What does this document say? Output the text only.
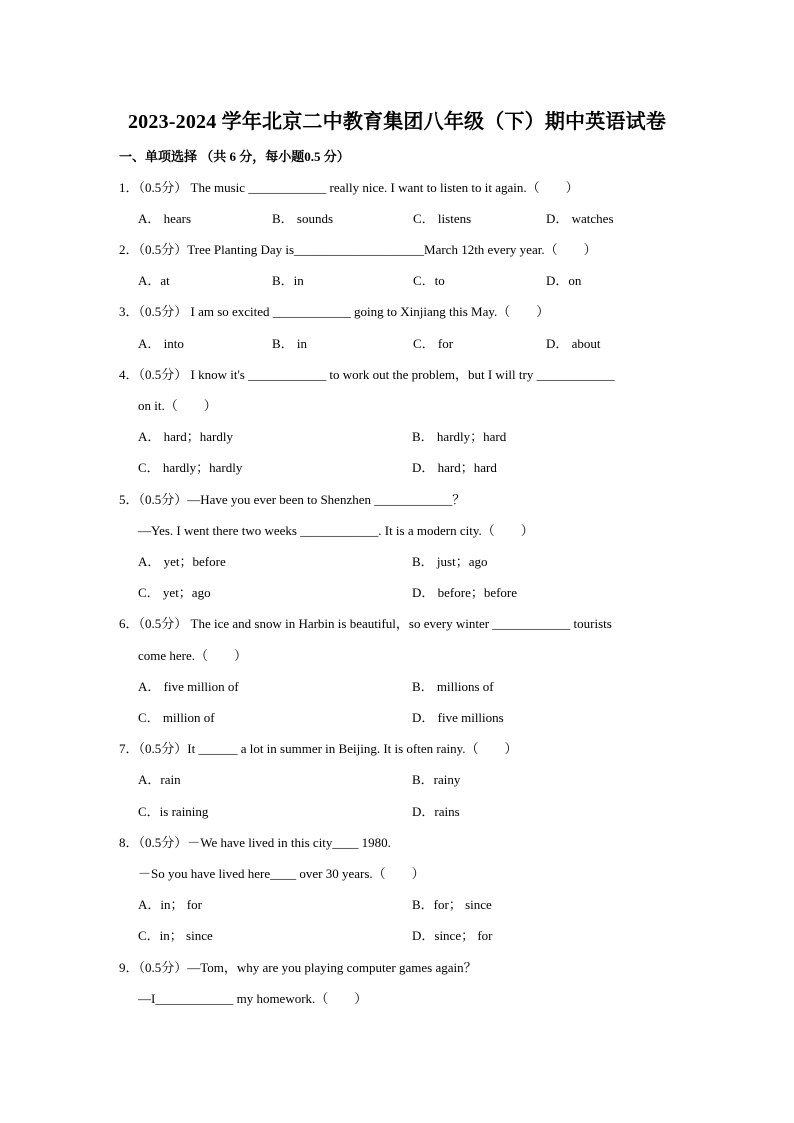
2023-2024 学年北京二中教育集团八年级（下）期中英语试卷
一、单项选择 （共 6 分，每小题0.5 分）
1．（0.5分） The music ____________ really nice. I want to listen to it again.（　　）
A． hears	B． sounds	C． listens	D． watches
2．（0.5分）Tree Planting Day is____________________March 12th every year.（　　）
A．at	B．in	C．to	D．on
3．（0.5分） I am so excited ____________ going to Xinjiang this May.（　　）
A． into	B． in	C． for	D． about
4．（0.5分） I know it's ____________ to work out the problem，but I will try ____________
on it.（　　）
A． hard；hardly	B． hardly；hard
C． hardly；hardly	D． hard；hard
5．（0.5分）—Have you ever been to Shenzhen ____________？
—Yes. I went there two weeks ____________. It is a modern city.（　　）
A． yet；before	B． just；ago
C． yet；ago	D． before；before
6．（0.5分） The ice and snow in Harbin is beautiful，so every winter ____________ tourists
come here.（　　）
A． five million of	B． millions of
C． million of	D． five millions
7．（0.5分）It ______ a lot in summer in Beijing. It is often rainy.（　　）
A．rain	B．rainy
C．is raining	D．rains
8．（0.5分）－We have lived in this city____ 1980.
－So you have lived here____ over 30 years.（　　）
A．in； for	B．for； since
C．in； since	D．since； for
9．（0.5分）—Tom，why are you playing computer games again？
—I____________ my homework.（　　）
